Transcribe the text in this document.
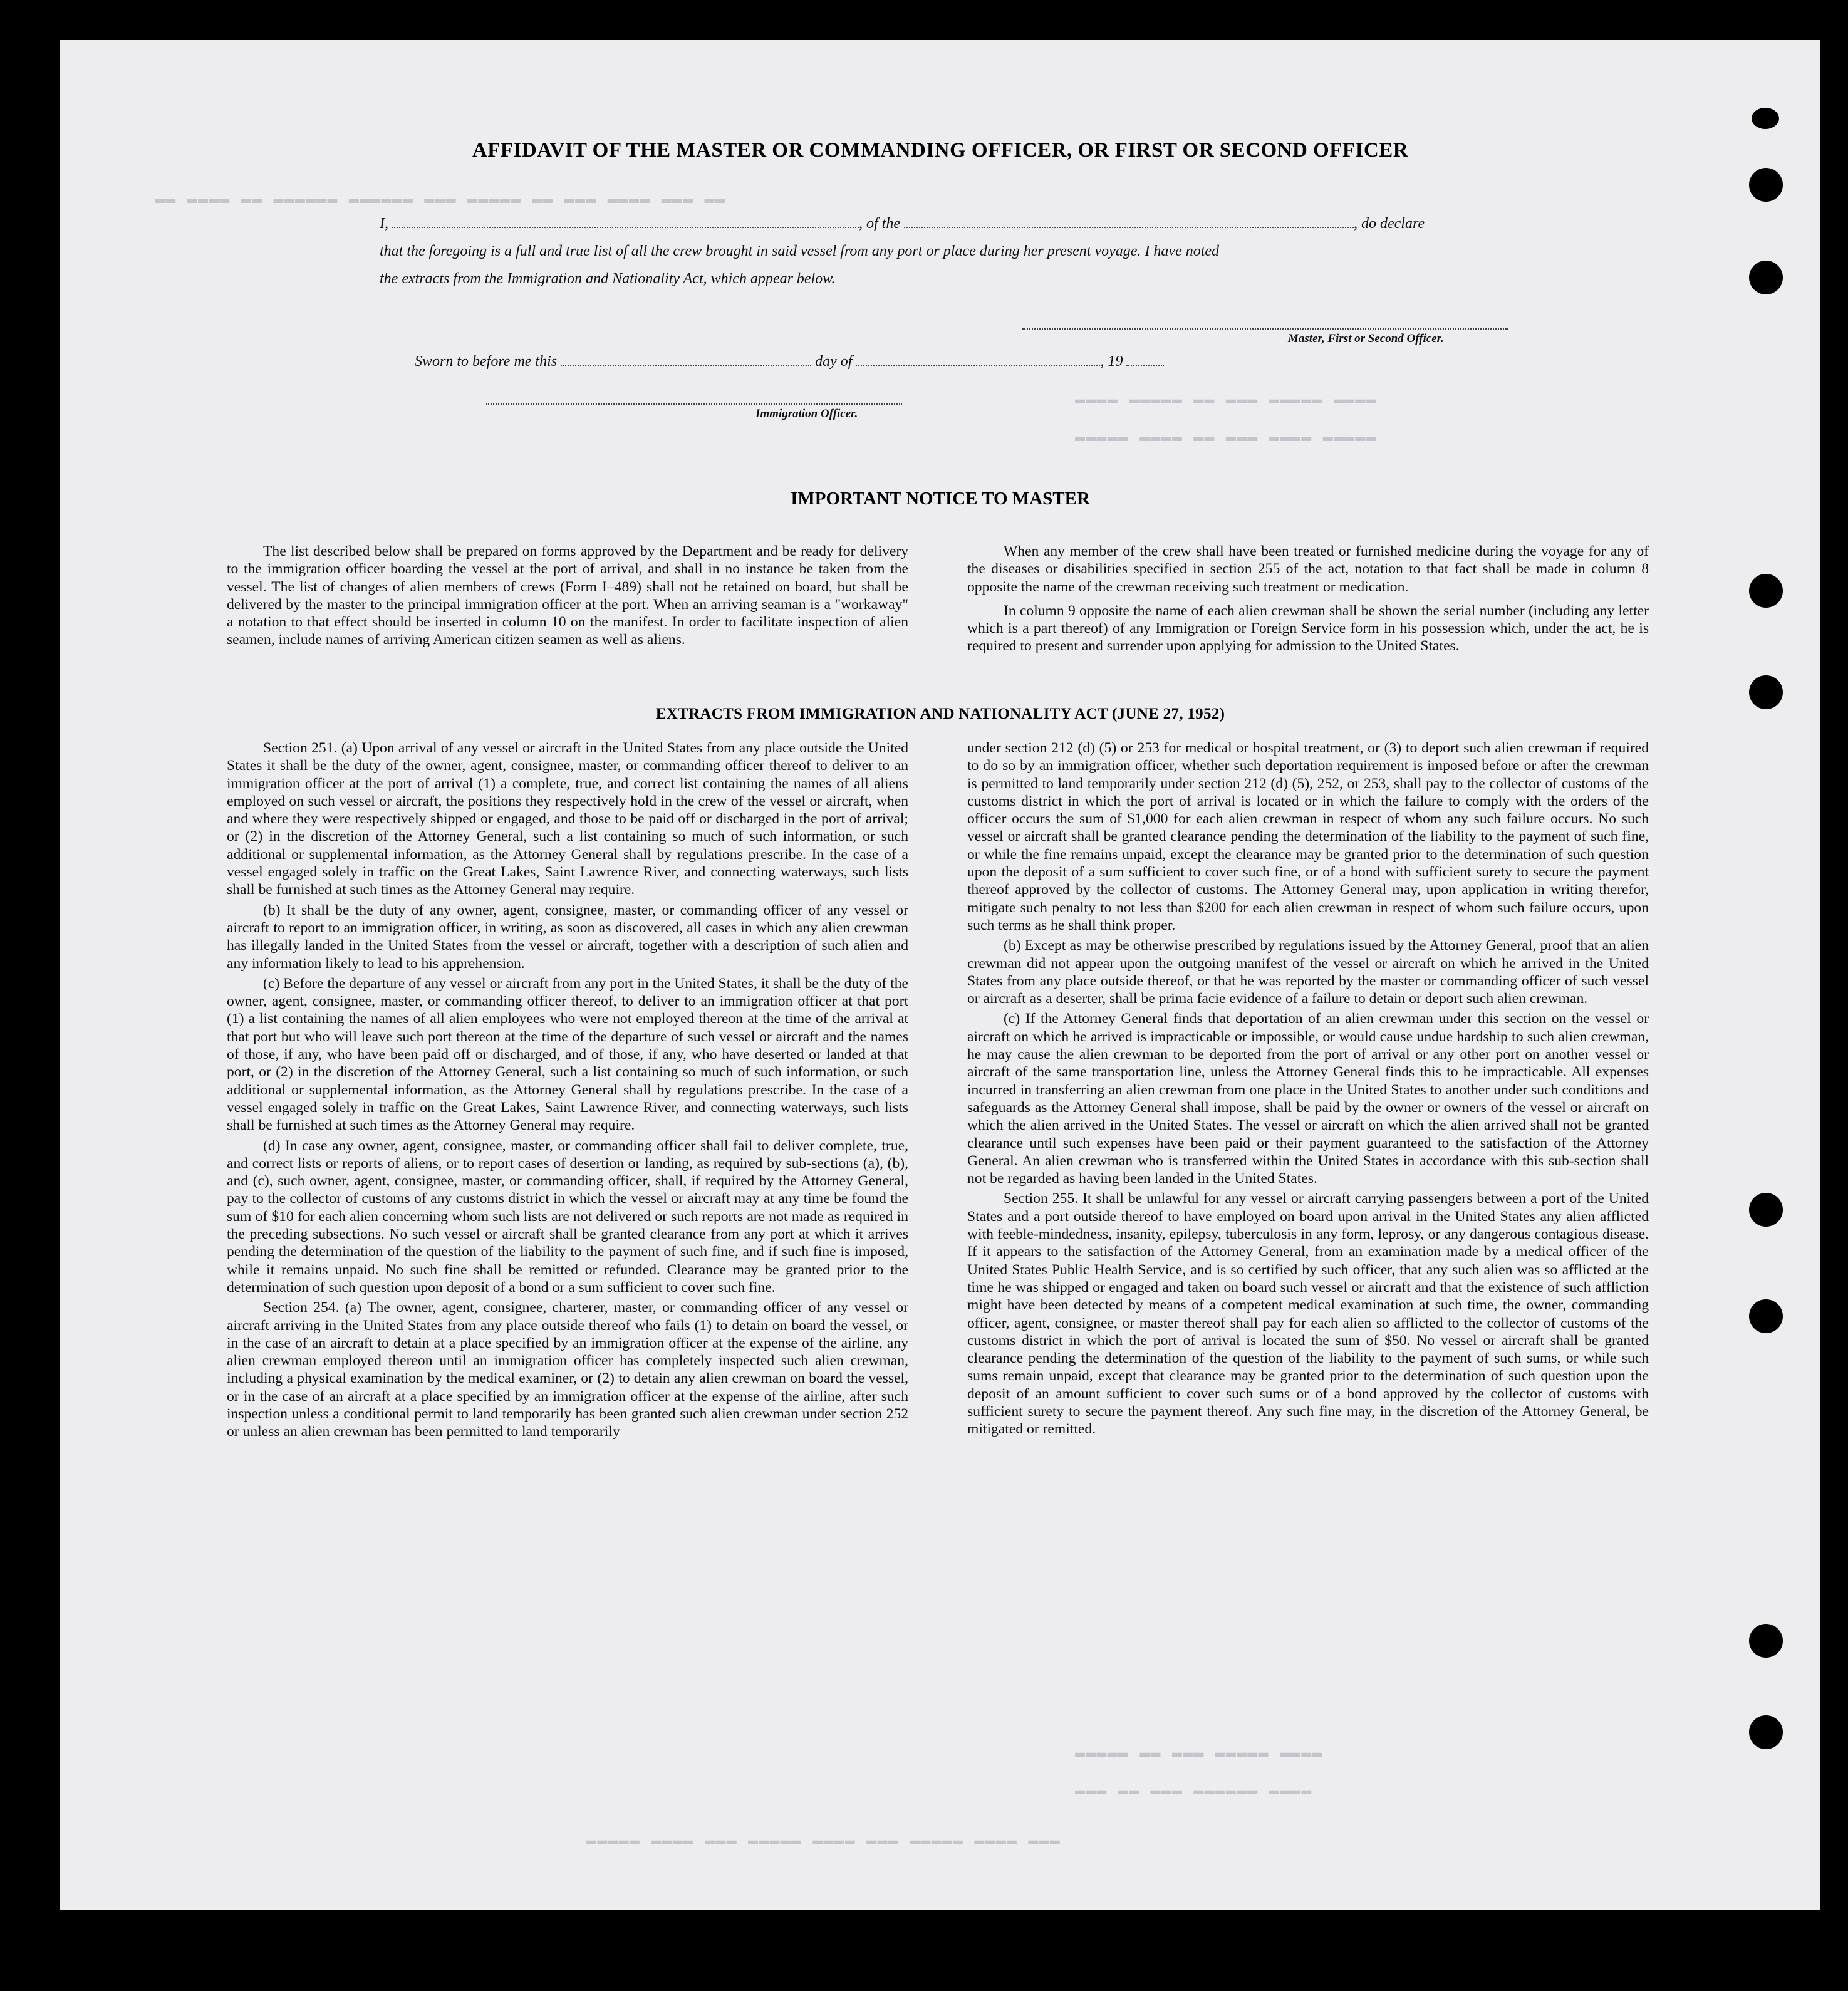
▬▬ ▬▬▬ ▬▬▬▬ ▬▬▬ ▬▬ ▬▬▬▬▬ ▬▬▬ ▬▬▬▬▬▬ ▬▬▬▬▬▬ ▬▬ ▬▬▬▬ ▬▬
▬▬▬▬ ▬▬▬▬▬ ▬▬ ▬▬▬ ▬▬▬▬▬ ▬▬▬▬
▬▬▬▬▬ ▬▬▬▬ ▬▬ ▬▬▬ ▬▬▬▬ ▬▬▬▬▬
▬▬▬▬▬ ▬▬ ▬▬▬ ▬▬▬▬▬ ▬▬▬▬
▬▬▬ ▬▬ ▬▬▬ ▬▬▬▬▬▬ ▬▬▬▬
▬▬▬▬▬ ▬▬▬▬ ▬▬▬ ▬▬▬▬▬ ▬▬▬▬ ▬▬▬ ▬▬▬▬▬ ▬▬▬▬ ▬▬▬
AFFIDAVIT OF THE MASTER OR COMMANDING OFFICER, OR FIRST OR SECOND OFFICER
I,	, of the	, do declare
that the foregoing is a full and true list of all the crew brought in said vessel from any port or place during her present voyage. I have noted
the extracts from the Immigration and Nationality Act, which appear below.
Master, First or Second Officer.
Sworn to before me this	day of	, 19
Immigration Officer.
IMPORTANT NOTICE TO MASTER

The list described below shall be prepared on forms approved by the Department and be ready for delivery to the immigration officer boarding the vessel at the port of arrival, and shall in no instance be taken from the vessel. The list of changes of alien members of crews (Form I–489) shall not be retained on board, but shall be delivered by the master to the principal immigration officer at the port. When an arriving seaman is a "workaway" a notation to that effect should be inserted in column 10 on the manifest. In order to facilitate inspection of alien seamen, include names of arriving American citizen seamen as well as aliens.

When any member of the crew shall have been treated or furnished medicine during the voyage for any of the diseases or disabilities specified in section 255 of the act, notation to that fact shall be made in column 8 opposite the name of the crewman receiving such treatment or medication.

In column 9 opposite the name of each alien crewman shall be shown the serial number (including any letter which is a part thereof) of any Immigration or Foreign Service form in his possession which, under the act, he is required to present and surrender upon applying for admission to the United States.

EXTRACTS FROM IMMIGRATION AND NATIONALITY ACT (JUNE 27, 1952)

Section 251. (a) Upon arrival of any vessel or aircraft in the United States from any place outside the United States it shall be the duty of the owner, agent, consignee, master, or commanding officer thereof to deliver to an immigration officer at the port of arrival (1) a complete, true, and correct list containing the names of all aliens employed on such vessel or aircraft, the positions they respectively hold in the crew of the vessel or aircraft, when and where they were respectively shipped or engaged, and those to be paid off or discharged in the port of arrival; or (2) in the discretion of the Attorney General, such a list containing so much of such information, or such additional or supplemental information, as the Attorney General shall by regulations prescribe. In the case of a vessel engaged solely in traffic on the Great Lakes, Saint Lawrence River, and connecting waterways, such lists shall be furnished at such times as the Attorney General may require.

(b) It shall be the duty of any owner, agent, consignee, master, or commanding officer of any vessel or aircraft to report to an immigration officer, in writing, as soon as discovered, all cases in which any alien crewman has illegally landed in the United States from the vessel or aircraft, together with a description of such alien and any information likely to lead to his apprehension.

(c) Before the departure of any vessel or aircraft from any port in the United States, it shall be the duty of the owner, agent, consignee, master, or commanding officer thereof, to deliver to an immigration officer at that port (1) a list containing the names of all alien employees who were not employed thereon at the time of the arrival at that port but who will leave such port thereon at the time of the departure of such vessel or aircraft and the names of those, if any, who have been paid off or discharged, and of those, if any, who have deserted or landed at that port, or (2) in the discretion of the Attorney General, such a list containing so much of such information, or such additional or supplemental information, as the Attorney General shall by regulations prescribe. In the case of a vessel engaged solely in traffic on the Great Lakes, Saint Lawrence River, and connecting waterways, such lists shall be furnished at such times as the Attorney General may require.

(d) In case any owner, agent, consignee, master, or commanding officer shall fail to deliver complete, true, and correct lists or reports of aliens, or to report cases of desertion or landing, as required by sub-sections (a), (b), and (c), such owner, agent, consignee, master, or commanding officer, shall, if required by the Attorney General, pay to the collector of customs of any customs district in which the vessel or aircraft may at any time be found the sum of $10 for each alien concerning whom such lists are not delivered or such reports are not made as required in the preceding subsections. No such vessel or aircraft shall be granted clearance from any port at which it arrives pending the determination of the question of the liability to the payment of such fine, and if such fine is imposed, while it remains unpaid. No such fine shall be remitted or refunded. Clearance may be granted prior to the determination of such question upon deposit of a bond or a sum sufficient to cover such fine.

Section 254. (a) The owner, agent, consignee, charterer, master, or commanding officer of any vessel or aircraft arriving in the United States from any place outside thereof who fails (1) to detain on board the vessel, or in the case of an aircraft to detain at a place specified by an immigration officer at the expense of the airline, any alien crewman employed thereon until an immigration officer has completely inspected such alien crewman, including a physical examination by the medical examiner, or (2) to detain any alien crewman on board the vessel, or in the case of an aircraft at a place specified by an immigration officer at the expense of the airline, after such inspection unless a conditional permit to land temporarily has been granted such alien crewman under section 252 or unless an alien crewman has been permitted to land temporarily

under section 212 (d) (5) or 253 for medical or hospital treatment, or (3) to deport such alien crewman if required to do so by an immigration officer, whether such deportation requirement is imposed before or after the crewman is permitted to land temporarily under section 212 (d) (5), 252, or 253, shall pay to the collector of customs of the customs district in which the port of arrival is located or in which the failure to comply with the orders of the officer occurs the sum of $1,000 for each alien crewman in respect of whom any such failure occurs. No such vessel or aircraft shall be granted clearance pending the determination of the liability to the payment of such fine, or while the fine remains unpaid, except the clearance may be granted prior to the determination of such question upon the deposit of a sum sufficient to cover such fine, or of a bond with sufficient surety to secure the payment thereof approved by the collector of customs. The Attorney General may, upon application in writing therefor, mitigate such penalty to not less than $200 for each alien crewman in respect of whom such failure occurs, upon such terms as he shall think proper.

(b) Except as may be otherwise prescribed by regulations issued by the Attorney General, proof that an alien crewman did not appear upon the outgoing manifest of the vessel or aircraft on which he arrived in the United States from any place outside thereof, or that he was reported by the master or commanding officer of such vessel or aircraft as a deserter, shall be prima facie evidence of a failure to detain or deport such alien crewman.

(c) If the Attorney General finds that deportation of an alien crewman under this section on the vessel or aircraft on which he arrived is impracticable or impossible, or would cause undue hardship to such alien crewman, he may cause the alien crewman to be deported from the port of arrival or any other port on another vessel or aircraft of the same transportation line, unless the Attorney General finds this to be impracticable. All expenses incurred in transferring an alien crewman from one place in the United States to another under such conditions and safeguards as the Attorney General shall impose, shall be paid by the owner or owners of the vessel or aircraft on which the alien arrived in the United States. The vessel or aircraft on which the alien arrived shall not be granted clearance until such expenses have been paid or their payment guaranteed to the satisfaction of the Attorney General. An alien crewman who is transferred within the United States in accordance with this sub-section shall not be regarded as having been landed in the United States.

Section 255. It shall be unlawful for any vessel or aircraft carrying passengers between a port of the United States and a port outside thereof to have employed on board upon arrival in the United States any alien afflicted with feeble-mindedness, insanity, epilepsy, tuberculosis in any form, leprosy, or any dangerous contagious disease. If it appears to the satisfaction of the Attorney General, from an examination made by a medical officer of the United States Public Health Service, and is so certified by such officer, that any such alien was so afflicted at the time he was shipped or engaged and taken on board such vessel or aircraft and that the existence of such affliction might have been detected by means of a competent medical examination at such time, the owner, commanding officer, agent, consignee, or master thereof shall pay for each alien so afflicted to the collector of customs of the customs district in which the port of arrival is located the sum of $50. No vessel or aircraft shall be granted clearance pending the determination of the question of the liability to the payment of such sums, or while such sums remain unpaid, except that clearance may be granted prior to the determination of such question upon the deposit of an amount sufficient to cover such sums or of a bond approved by the collector of customs with sufficient surety to secure the payment thereof. Any such fine may, in the discretion of the Attorney General, be mitigated or remitted.
